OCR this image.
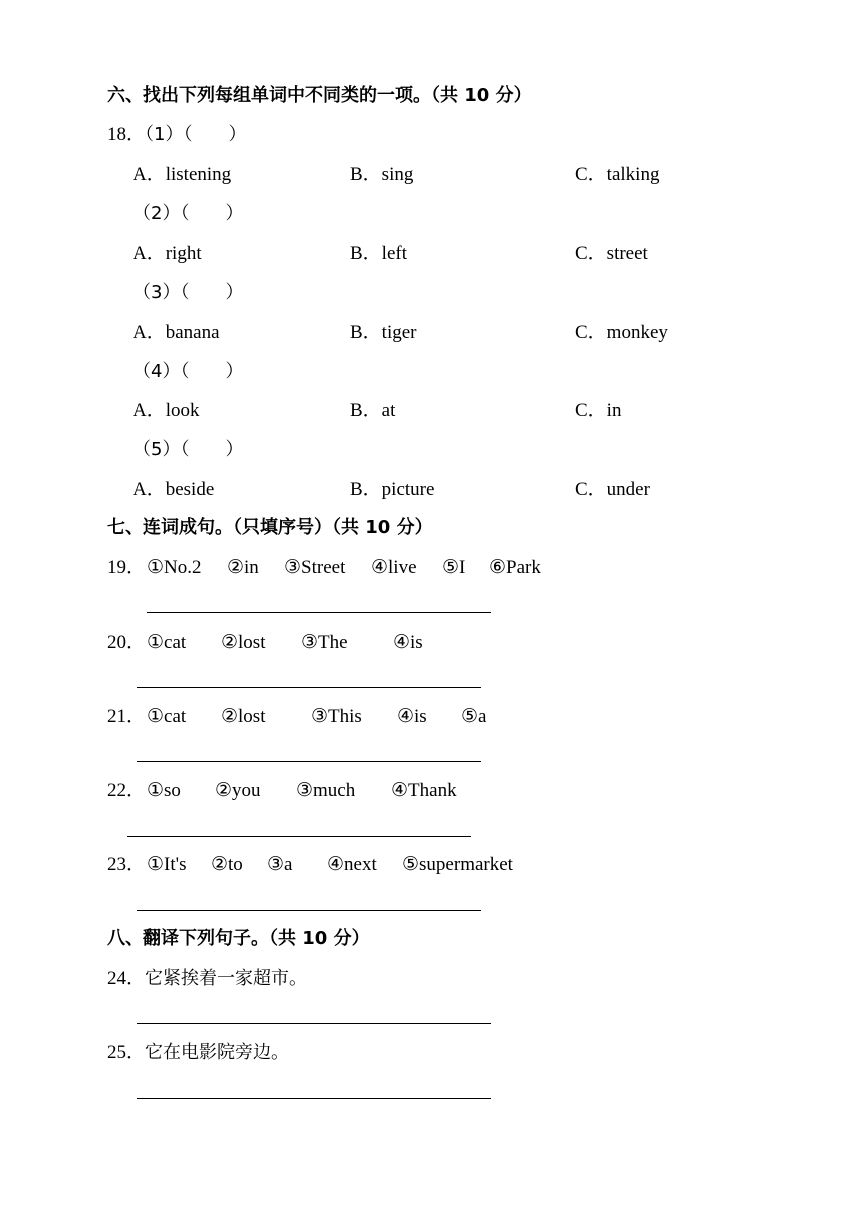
六、找出下列每组单词中不同类的一项。（共 10 分）
18．（1）（　　）
A．listening	B．sing	C．talking
（2）（　　）
A．right	B．left	C．street
（3）（　　）
A．banana	B．tiger	C．monkey
（4）（　　）
A．look	B．at	C．in
（5）（　　）
A．beside	B．picture	C．under
七、连词成句。（只填序号）（共 10 分）
19． ①No.2 ②in ③Street ④live ⑤I ⑥Park
20． ①cat ②lost ③The ④is
21． ①cat ②lost ③This ④is ⑤a
22． ①so ②you ③much ④Thank
23． ①It's ②to ③a ④next ⑤supermarket
八、翻译下列句子。（共 10 分）
24．它紧挨着一家超市。
25．它在电影院旁边。
